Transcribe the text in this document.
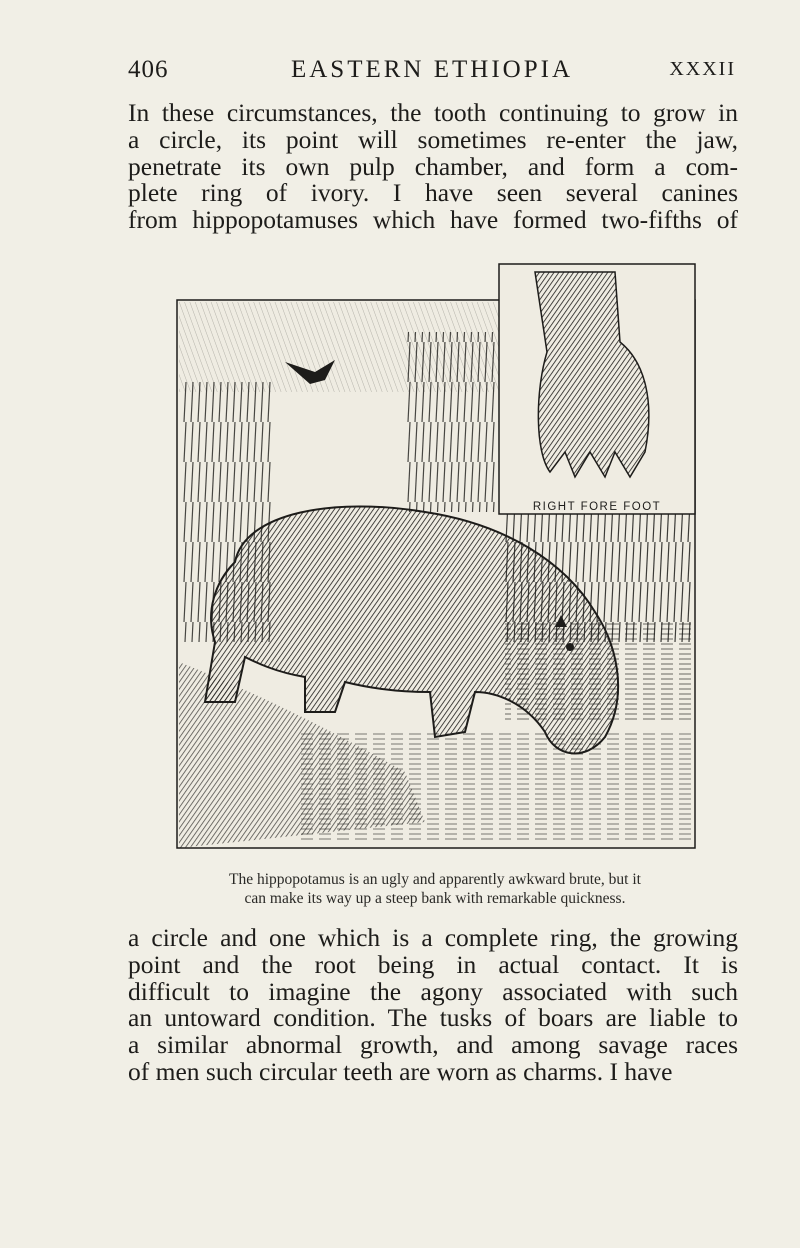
406	EASTERN ETHIOPIA	XXXII

In these circumstances, the tooth continuing to grow in
a circle, its point will sometimes re-enter the jaw,
penetrate its own pulp chamber, and form a com-
plete ring of ivory. I have seen several canines
from hippopotamuses which have formed two-fifths of

RIGHT FORE FOOT
The hippopotamus is an ugly and apparently awkward brute, but it
can make its way up a steep bank with remarkable quickness.

a circle and one which is a complete ring, the growing
point and the root being in actual contact. It is
difficult to imagine the agony associated with such
an untoward condition. The tusks of boars are liable to
a similar abnormal growth, and among savage races
of men such circular teeth are worn as charms. I have
